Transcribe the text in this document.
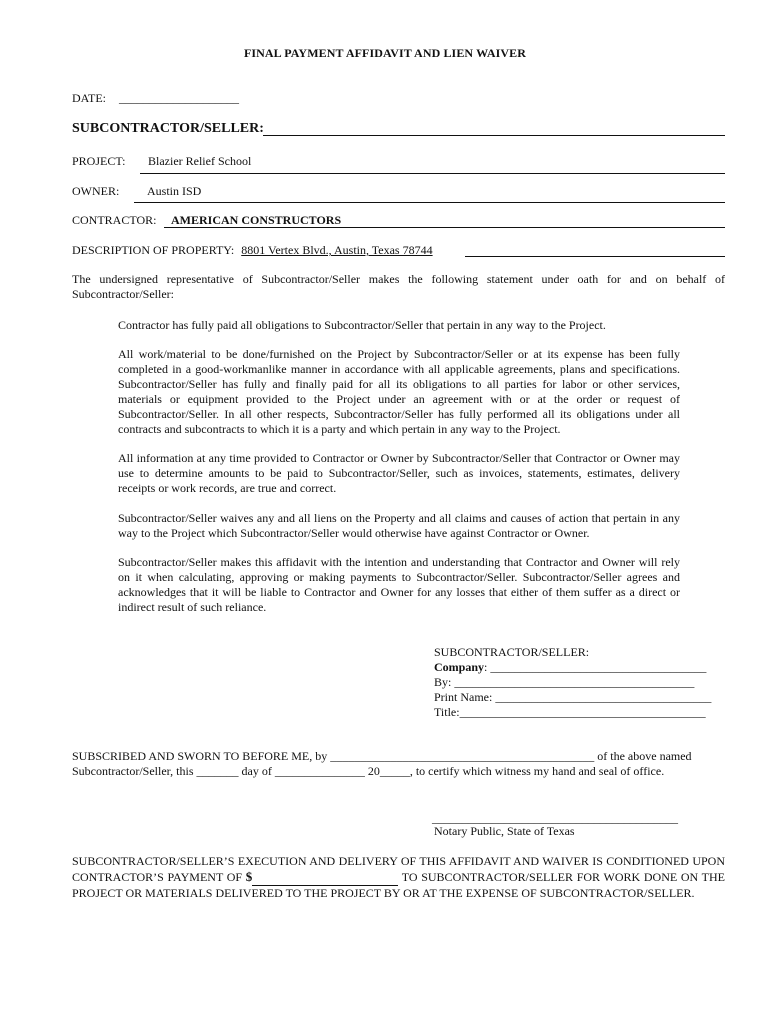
FINAL PAYMENT AFFIDAVIT AND LIEN WAIVER
DATE: ____________________
SUBCONTRACTOR/SELLER:
PROJECT: Blazier Relief School
OWNER: Austin ISD
CONTRACTOR: AMERICAN CONSTRUCTORS
DESCRIPTION OF PROPERTY: 8801 Vertex Blvd., Austin, Texas 78744
The undersigned representative of Subcontractor/Seller makes the following statement under oath for and on behalf of Subcontractor/Seller:
Contractor has fully paid all obligations to Subcontractor/Seller that pertain in any way to the Project.
All work/material to be done/furnished on the Project by Subcontractor/Seller or at its expense has been fully completed in a good-workmanlike manner in accordance with all applicable agreements, plans and specifications. Subcontractor/Seller has fully and finally paid for all its obligations to all parties for labor or other services, materials or equipment provided to the Project under an agreement with or at the order or request of Subcontractor/Seller. In all other respects, Subcontractor/Seller has fully performed all its obligations under all contracts and subcontracts to which it is a party and which pertain in any way to the Project.
All information at any time provided to Contractor or Owner by Subcontractor/Seller that Contractor or Owner may use to determine amounts to be paid to Subcontractor/Seller, such as invoices, statements, estimates, delivery receipts or work records, are true and correct.
Subcontractor/Seller waives any and all liens on the Property and all claims and causes of action that pertain in any way to the Project which Subcontractor/Seller would otherwise have against Contractor or Owner.
Subcontractor/Seller makes this affidavit with the intention and understanding that Contractor and Owner will rely on it when calculating, approving or making payments to Subcontractor/Seller. Subcontractor/Seller agrees and acknowledges that it will be liable to Contractor and Owner for any losses that either of them suffer as a direct or indirect result of such reliance.
SUBCONTRACTOR/SELLER:
Company: ____________________________________
By: ________________________________________
Print Name: ____________________________________
Title:_________________________________________
SUBSCRIBED AND SWORN TO BEFORE ME, by ____________________________________________ of the above named
Subcontractor/Seller, this _______ day of _______________ 20_____, to certify which witness my hand and seal of office.
_________________________________________
Notary Public, State of Texas
SUBCONTRACTOR/SELLER’S EXECUTION AND DELIVERY OF THIS AFFIDAVIT AND WAIVER IS CONDITIONED UPON CONTRACTOR’S PAYMENT OF $	TO SUBCONTRACTOR/SELLER FOR WORK DONE ON THE PROJECT OR MATERIALS DELIVERED TO THE PROJECT BY OR AT THE EXPENSE OF SUBCONTRACTOR/SELLER.
